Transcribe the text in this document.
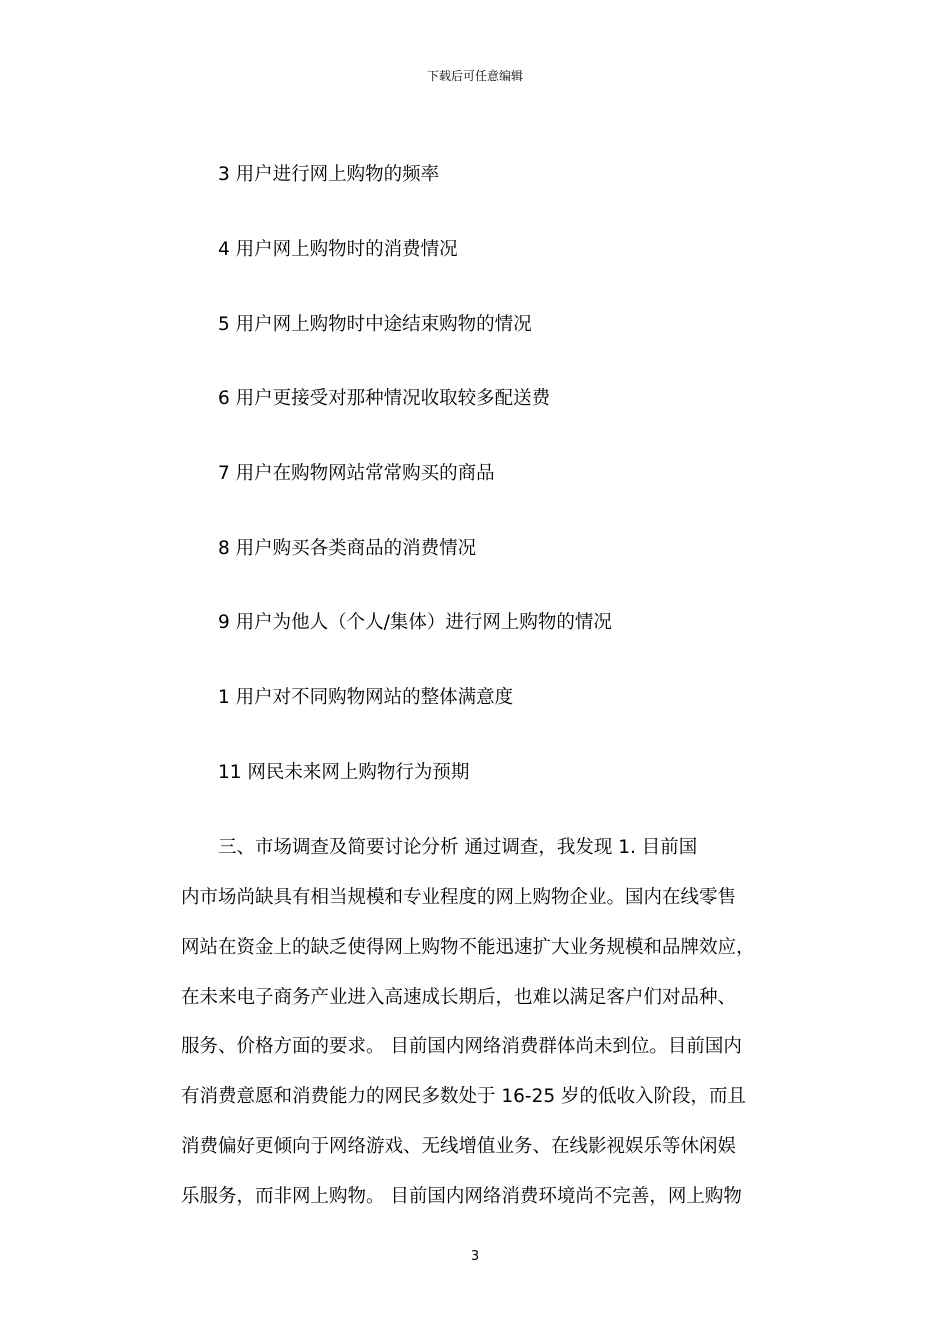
下载后可任意编辑
3 用户进行网上购物的频率
4 用户网上购物时的消费情况
5 用户网上购物时中途结束购物的情况
6 用户更接受对那种情况收取较多配送费
7 用户在购物网站常常购买的商品
8 用户购买各类商品的消费情况
9 用户为他人（个人/集体）进行网上购物的情况
1 用户对不同购物网站的整体满意度
11 网民未来网上购物行为预期
三、市场调查及简要讨论分析 通过调查，我发现 1. 目前国
内市场尚缺具有相当规模和专业程度的网上购物企业。国内在线零售
网站在资金上的缺乏使得网上购物不能迅速扩大业务规模和品牌效应，
在未来电子商务产业进入高速成长期后，也难以满足客户们对品种、
服务、价格方面的要求。 目前国内网络消费群体尚未到位。目前国内
有消费意愿和消费能力的网民多数处于 16-25 岁的低收入阶段，而且
消费偏好更倾向于网络游戏、无线增值业务、在线影视娱乐等休闲娱
乐服务，而非网上购物。 目前国内网络消费环境尚不完善，网上购物
3
